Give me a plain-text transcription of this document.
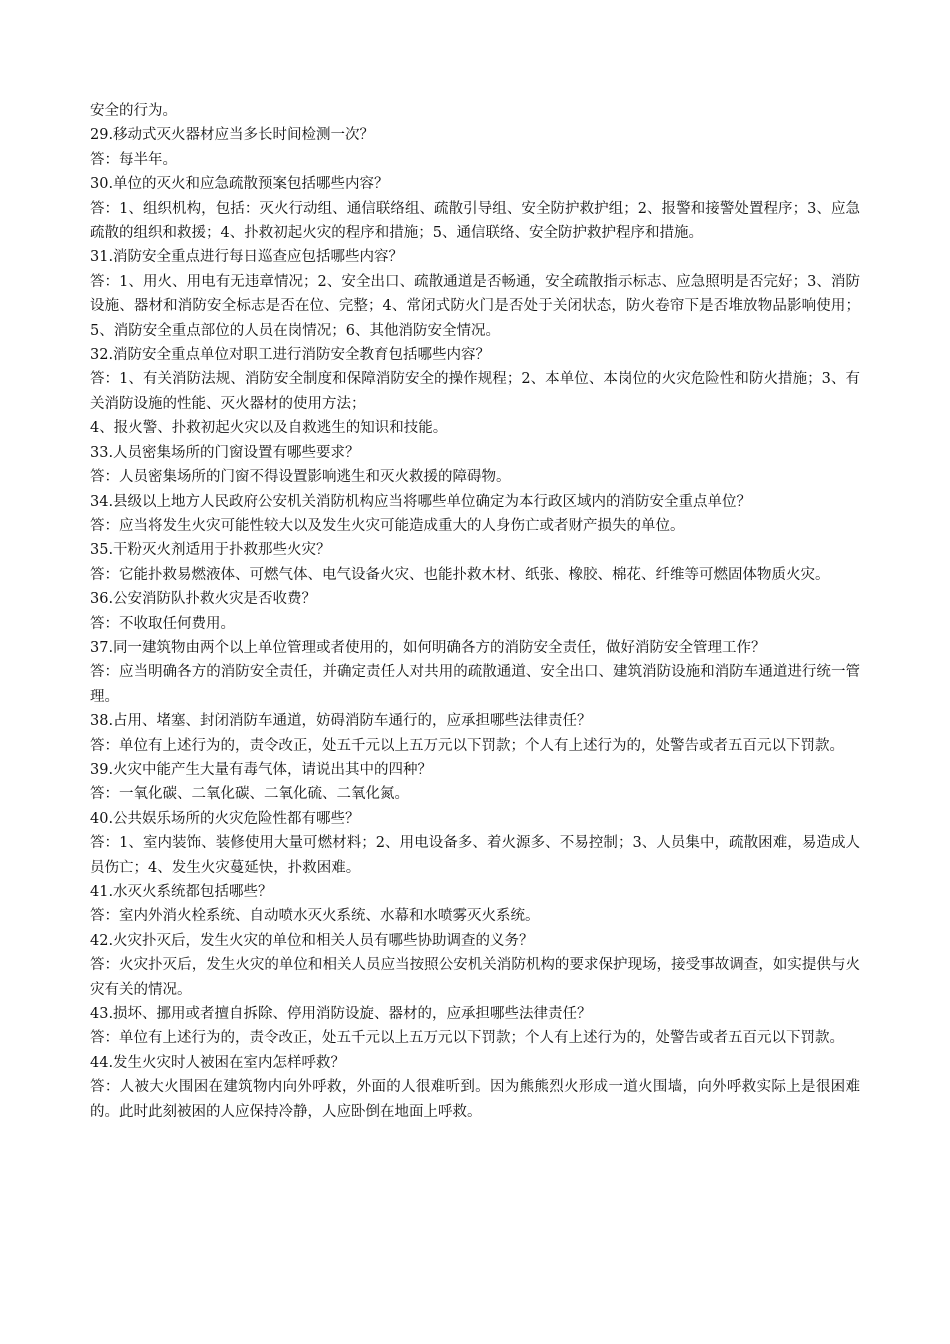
安全的行为。

29.移动式灭火器材应当多长时间检测一次？

答：每半年。

30.单位的灭火和应急疏散预案包括哪些内容？

答：1、组织机构，包括：灭火行动组、通信联络组、疏散引导组、安全防护救护组；2、报警和接警处置程序；3、应急疏散的组织和救援；4、扑救初起火灾的程序和措施；5、通信联络、安全防护救护程序和措施。

31.消防安全重点进行每日巡查应包括哪些内容？

答：1、用火、用电有无违章情况；2、安全出口、疏散通道是否畅通，安全疏散指示标志、应急照明是否完好；3、消防设施、器材和消防安全标志是否在位、完整；4、常闭式防火门是否处于关闭状态，防火卷帘下是否堆放物品影响使用；5、消防安全重点部位的人员在岗情况；6、其他消防安全情况。

32.消防安全重点单位对职工进行消防安全教育包括哪些内容？

答：1、有关消防法规、消防安全制度和保障消防安全的操作规程；2、本单位、本岗位的火灾危险性和防火措施；3、有关消防设施的性能、灭火器材的使用方法；

4、报火警、扑救初起火灾以及自救逃生的知识和技能。

33.人员密集场所的门窗设置有哪些要求？

答：人员密集场所的门窗不得设置影响逃生和灭火救援的障碍物。

34.县级以上地方人民政府公安机关消防机构应当将哪些单位确定为本行政区域内的消防安全重点单位？

答：应当将发生火灾可能性较大以及发生火灾可能造成重大的人身伤亡或者财产损失的单位。

35.干粉灭火剂适用于扑救那些火灾？

答：它能扑救易燃液体、可燃气体、电气设备火灾、也能扑救木材、纸张、橡胶、棉花、纤维等可燃固体物质火灾。

36.公安消防队扑救火灾是否收费？

答：不收取任何费用。

37.同一建筑物由两个以上单位管理或者使用的，如何明确各方的消防安全责任，做好消防安全管理工作？

答：应当明确各方的消防安全责任，并确定责任人对共用的疏散通道、安全出口、建筑消防设施和消防车通道进行统一管理。

38.占用、堵塞、封闭消防车通道，妨碍消防车通行的，应承担哪些法律责任？

答：单位有上述行为的，责令改正，处五千元以上五万元以下罚款；个人有上述行为的，处警告或者五百元以下罚款。

39.火灾中能产生大量有毒气体，请说出其中的四种？

答：一氧化碳、二氧化碳、二氧化硫、二氧化氮。

40.公共娱乐场所的火灾危险性都有哪些？

答：1、室内装饰、装修使用大量可燃材料；2、用电设备多、着火源多、不易控制；3、人员集中，疏散困难，易造成人员伤亡；4、发生火灾蔓延快，扑救困难。

41.水灭火系统都包括哪些？

答：室内外消火栓系统、自动喷水灭火系统、水幕和水喷雾灭火系统。

42.火灾扑灭后，发生火灾的单位和相关人员有哪些协助调查的义务？

答：火灾扑灭后，发生火灾的单位和相关人员应当按照公安机关消防机构的要求保护现场，接受事故调查，如实提供与火灾有关的情况。

43.损坏、挪用或者擅自拆除、停用消防设旋、器材的，应承担哪些法律责任？

答：单位有上述行为的，责令改正，处五千元以上五万元以下罚款；个人有上述行为的，处警告或者五百元以下罚款。

44.发生火灾时人被困在室内怎样呼救？

答：人被大火围困在建筑物内向外呼救，外面的人很难听到。因为熊熊烈火形成一道火围墙，向外呼救实际上是很困难的。此时此刻被困的人应保持冷静，人应卧倒在地面上呼救。
